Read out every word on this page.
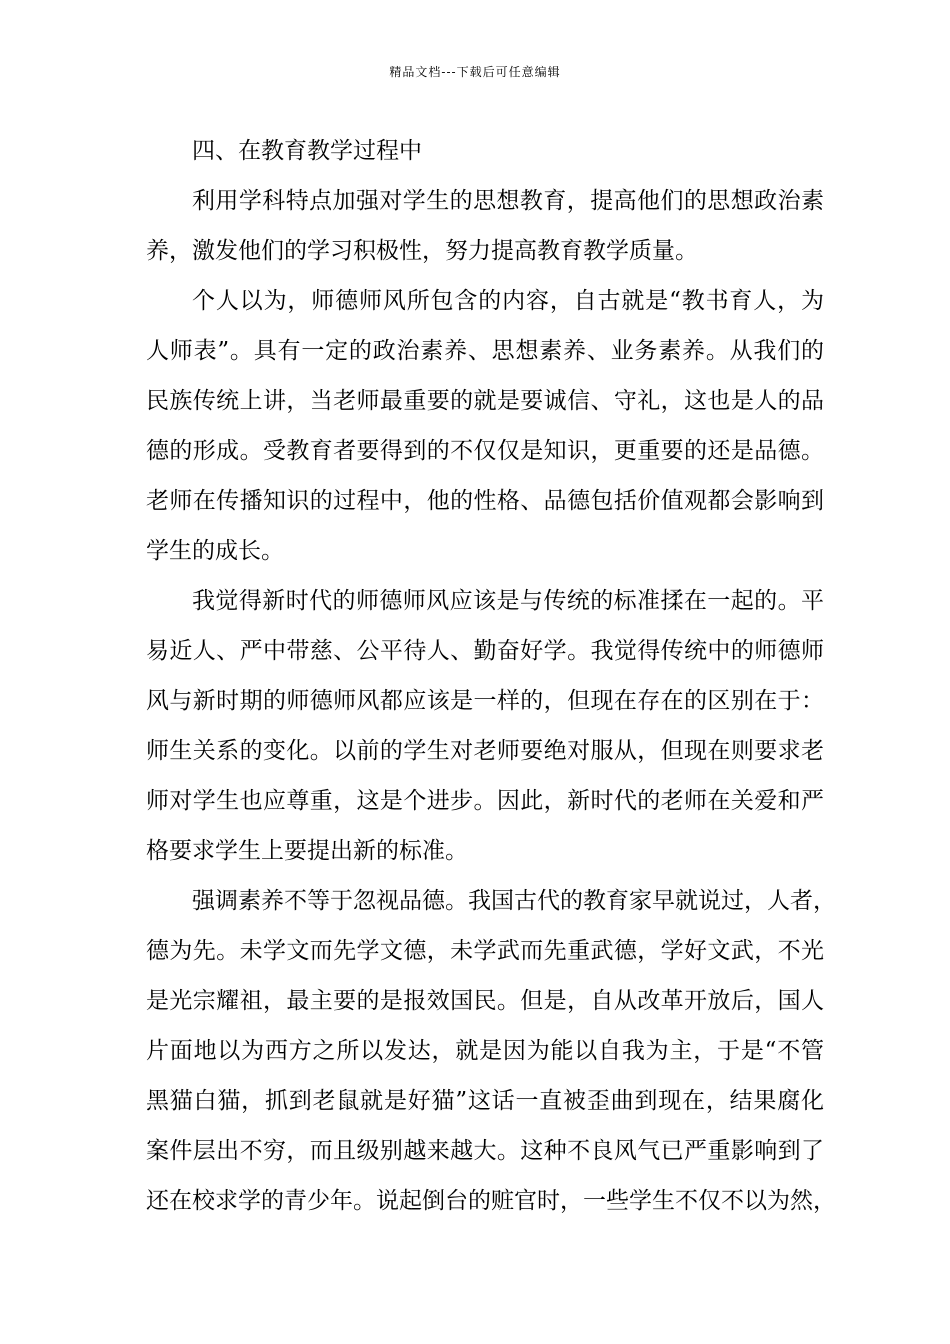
精品文档---下载后可任意编辑
四、在教育教学过程中
利用学科特点加强对学生的思想教育，提高他们的思想政治素
养，激发他们的学习积极性，努力提高教育教学质量。
个人以为，师德师风所包含的内容，自古就是“教书育人，为
人师表”。具有一定的政治素养、思想素养、业务素养。从我们的
民族传统上讲，当老师最重要的就是要诚信、守礼，这也是人的品
德的形成。受教育者要得到的不仅仅是知识，更重要的还是品德。
老师在传播知识的过程中，他的性格、品德包括价值观都会影响到
学生的成长。
我觉得新时代的师德师风应该是与传统的标准揉在一起的。平
易近人、严中带慈、公平待人、勤奋好学。我觉得传统中的师德师
风与新时期的师德师风都应该是一样的，但现在存在的区别在于：
师生关系的变化。以前的学生对老师要绝对服从，但现在则要求老
师对学生也应尊重，这是个进步。因此，新时代的老师在关爱和严
格要求学生上要提出新的标准。
强调素养不等于忽视品德。我国古代的教育家早就说过，人者，
德为先。未学文而先学文德，未学武而先重武德，学好文武，不光
是光宗耀祖，最主要的是报效国民。但是，自从改革开放后，国人
片面地以为西方之所以发达，就是因为能以自我为主，于是“不管
黑猫白猫，抓到老鼠就是好猫”这话一直被歪曲到现在，结果腐化
案件层出不穷，而且级别越来越大。这种不良风气已严重影响到了
还在校求学的青少年。说起倒台的赃官时，一些学生不仅不以为然，
